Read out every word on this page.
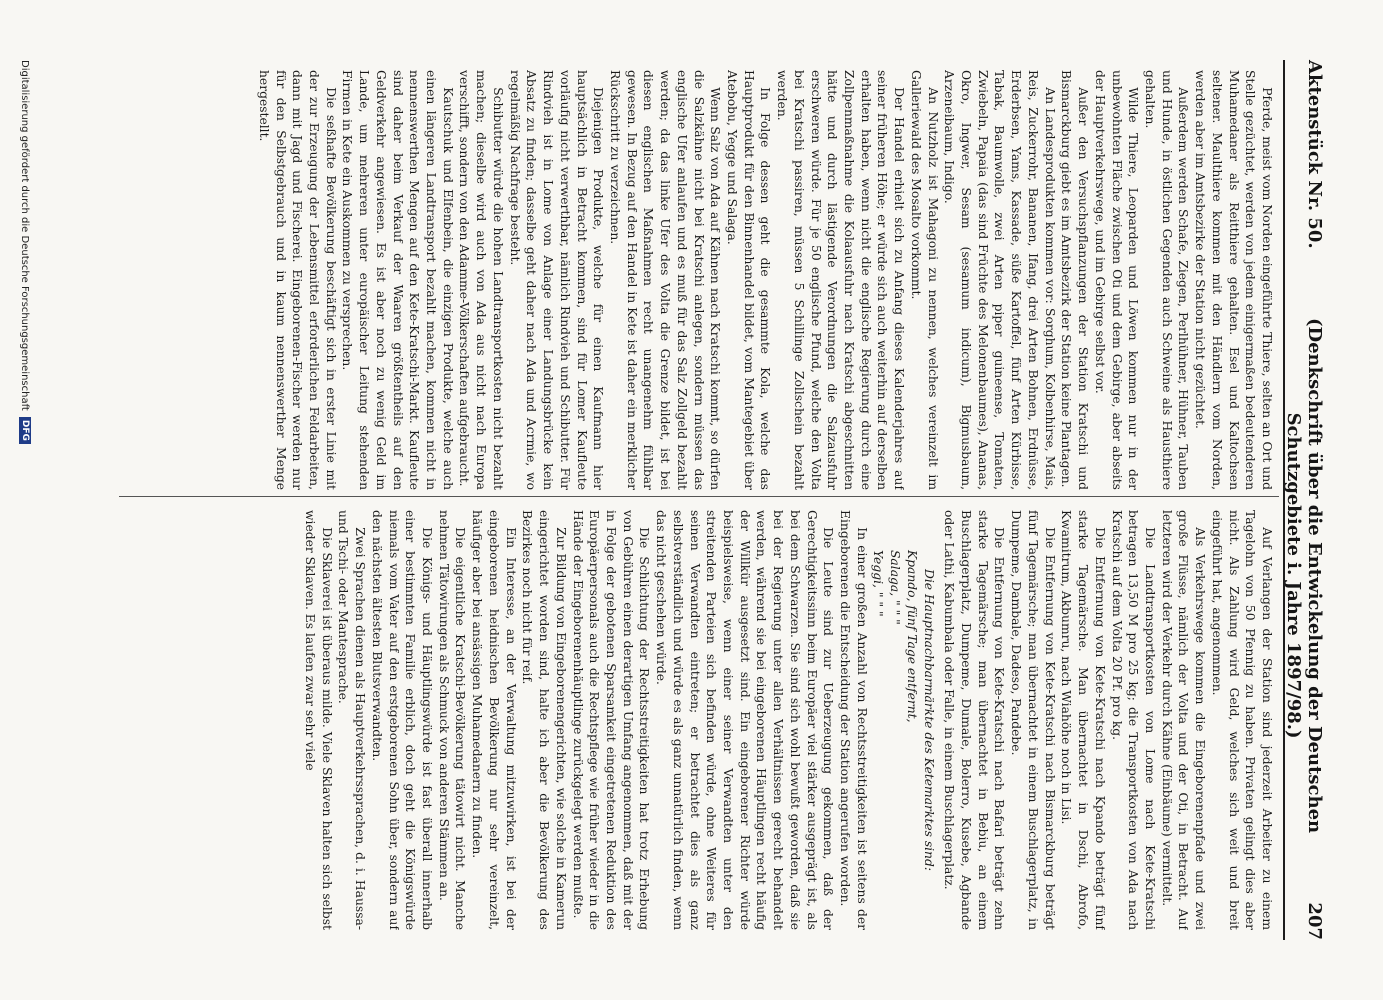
Aktenstück Nr. 50.
(Denkschrift über die Entwickelung der Deutschen Schutzgebiete i. Jahre 1897/98.)
207

Pferde, meist vom Norden eingeführte Thiere, selten an Ort und Stelle gezüchtet, werden von jedem einigermaßen bedeutenderen Muhamedaner als Reitthiere gehalten. Esel und Kaltochsen seltener. Maulthiere kommen mit den Händlern vom Norden, werden aber im Amtsbezirke der Station nicht gezüchtet.

Außerdem werden Schafe, Ziegen, Perlhühner, Hühner, Tauben und Hunde, in östlichen Gegenden auch Schweine als Hausthiere gehalten.

Wilde Thiere, Leoparden und Löwen kommen nur in der unbewohnten Fläche zwischen Oti und dem Gebirge, aber abseits der Hauptverkehrswege, und im Gebirge selbst vor.

Außer den Versuchspflanzungen der Station Kratschi und Bismarckburg giebt es im Amtsbezirk der Station keine Plantagen.

An Landesprodukten kommen vor: Sorghum, Kolbenhirse, Mais, Reis, Zuckerrohr, Bananen, Ifang, drei Arten Bohnen, Erdnüsse, Erderbsen, Yams, Kassade, süße Kartoffel, fünf Arten Kürbisse, Tabak, Baumwolle, zwei Arten piper guineense, Tomaten, Zwiebeln, Papaia (das sind Früchte des Melonenbaumes), Ananas, Okro, Ingwer, Sesam (sesamum indicum), Bigmusbaum, Arzeneibaum, Indigo.

An Nutzholz ist Mahagoni zu nennen, welches vereinzelt im Galleriewald des Mosalto vorkommt.

Der Handel erhielt sich zu Anfang dieses Kalenderjahres auf seiner früheren Höhe; er würde sich auch weiterhin auf derselben erhalten haben, wenn nicht die englische Regierung durch eine Zollpenmaßnahme die Kolaausfuhr nach Kratschi abgeschnitten hätte und durch lästigende Verordnungen die Salzausfuhr erschweren würde. Für je 50 englische Pfund, welche den Volta bei Kratschi passiren, müssen 5 Schillinge Zollschein bezahlt werden.

In Folge dessen geht die gesammte Kola, welche das Hauptprodukt für den Binnenhandel bildet, vom Mantegebiet über Atebobu, Yegge und Salaga.

Wenn Salz von Ada auf Kähnen nach Kratschi kommt, so dürfen die Salzkähne nicht bei Kratschi anlegen, sondern müssen das englische Ufer anlaufen und es muß für das Salz Zollgeld bezahlt werden; da das linke Ufer des Volta die Grenze bildet, ist bei diesen englischen Maßnahmen recht unangenehm fühlbar gewesen. In Bezug auf den Handel in Kete ist daher ein merklicher Rückschritt zu verzeichnen.

Diejenigen Produkte, welche für einen Kaufmann hier hauptsächlich in Betracht kommen, sind für Lomer Kaufleute vorläufig nicht verwerthbar, nämlich Rindvieh und Schibutter. Für Rindvieh ist in Lome von Anlage einer Landungsbrücke kein Absatz zu finden; dasselbe geht daher nach Ada und Acrmie, wo regelmäßig Nachfrage besteht.

Schibutter würde die hohen Landtransportkosten nicht bezahlt machen; dieselbe wird auch von Ada aus nicht nach Europa verschifft, sondern von den Adamme-Völkerschaften aufgebraucht.

Kautschuk und Elfenbein, die einzigen Produkte, welche auch einen längeren Landtransport bezahlt machen, kommen nicht in nennenswerthen Mengen auf den Kete-Kratschi-Markt. Kaufleute sind daher beim Verkauf der Waaren größtentheils auf den Geldverkehr angewiesen. Es ist aber noch zu wenig Geld im Lande, um mehreren unter europäischer Leitung stehenden Firmen in Kete ein Auskommen zu versprechen.

Die seßhafte Bevölkerung beschäftigt sich in erster Linie mit der zur Erzeugung der Lebensmittel erforderlichen Feldarbeiten, dann mit Jagd und Fischerei. Eingeborenen-Fischer werden nur für den Selbstgebrauch und in kaum nennenswerther Menge hergestellt.

Auf Verlangen der Station sind jederzeit Arbeiter zu einem Tagelohn von 50 Pfennig zu haben. Privaten gelingt dies aber nicht. Als Zahlung wird Geld, welches sich weit und breit eingeführt hat, angenommen.

Als Verkehrswege kommen die Eingeborenenpfade und zwei große Flüsse, nämlich der Volta und der Oti, in Betracht. Auf letzteren wird der Verkehr durch Kähne (Einbäume) vermittelt.

Die Landtransportkosten von Lome nach Kete-Kratschi betragen 13,50 M pro 25 kg; die Transportkosten von Ada nach Kratschi auf dem Volta 20 Pf. pro kg.

Die Entfernung von Kete-Kratschi nach Kpando beträgt fünf starke Tagemärsche. Man übernachtet in Dschi, Abrofo, Kwamitrum, Akbumru, nach Wiahöhe noch in Lisi.

Die Entfernung von Kete-Kratschi nach Bismarckburg beträgt fünf Tagemärsche; man übernachtet in einem Buschlagerplatz, in Dumpeme, Dambale, Dadeso, Pandebe.

Die Entfernung von Kete-Kratschi nach Bafari beträgt zehn starke Tagemärsche; man übernachtet in Bebiu, an einem Buschlagerplatz, Dumpeme, Dumale, Bolerro, Kusebe, Agbande oder Lathi, Kabumbala oder Falle, in einem Buschlagerplatz.

Die Hauptnachbarmärkte des Ketemarktes sind:

Kpando, fünf Tage entfernt,

Salaga, " " "

Yeggi, " " "

In einer großen Anzahl von Rechtsstreitigkeiten ist seitens der Eingeborenen die Entscheidung der Station angerufen worden.

Die Leute sind zur Ueberzeugung gekommen, daß der Gerechtigkeitssinn beim Europäer viel stärker ausgeprägt ist, als bei dem Schwarzen. Sie sind sich wohl bewußt geworden, daß sie bei der Regierung unter allen Verhältnissen gerecht behandelt werden, während sie bei eingeborenen Häuptlingen recht häufig der Willkür ausgesetzt sind. Ein eingeborener Richter würde beispielsweise, wenn einer seiner Verwandten unter den streitenden Parteien sich befinden würde, ohne Weiteres für seinen Verwandten eintreten; er betrachtet dies als ganz selbstverständlich und würde es als ganz unnatürlich finden, wenn das nicht geschehen würde.

Die Schlichtung der Rechtsstreitigkeiten hat trotz Erhebung von Gebühren einen derartigen Umfang angenommen, daß mit der in Folge der gebotenen Sparsamkeit eingetretenen Reduktion des Europäerpersonals auch die Rechtspflege wie früher wieder in die Hände der Eingeborenenhäuptlinge zurückgelegt werden mußte.

Zur Bildung von Eingeborenengerichten, wie solche in Kamerun eingerichtet worden sind, halte ich aber die Bevölkerung des Bezirkes noch nicht für reif.

Ein Interesse, an der Verwaltung mitzuwirken, ist bei der eingeborenen heidnischen Bevölkerung nur sehr vereinzelt, häufiger aber bei ansässigen Muhamedanern zu finden.

Die eigentliche Kratschi-Bevölkerung tätowirt nicht. Manche nehmen Tätowirungen als Schmuck von anderen Stämmen an.

Die Königs- und Häuptlingswürde ist fast überall innerhalb einer bestimmten Familie erblich, doch geht die Königswürde niemals vom Vater auf den erstgeborenen Sohn über, sondern auf den nächsten ältesten Blutsverwandten.

Zwei Sprachen dienen als Hauptverkehrssprachen, d. i. Haussa- und Tschi- oder Mantesprache.

Die Sklaverei ist überaus milde. Viele Sklaven halten sich selbst wieder Sklaven. Es laufen zwar sehr viele

Digitalisierung gefördert durch die Deutsche Forschungsgemeinschaft
DFG
